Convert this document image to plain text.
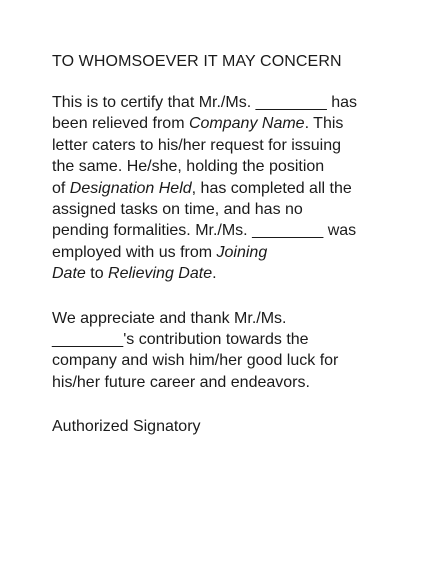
TO WHOMSOEVER IT MAY CONCERN

This is to certify that Mr./Ms. ________ has

been relieved from Company Name. This

letter caters to his/her request for issuing

the same. He/she, holding the position

of Designation Held, has completed all the

assigned tasks on time, and has no

pending formalities. Mr./Ms. ________ was

employed with us from Joining

Date to Relieving Date.

We appreciate and thank Mr./Ms.

________'s contribution towards the

company and wish him/her good luck for

his/her future career and endeavors.

Authorized Signatory
